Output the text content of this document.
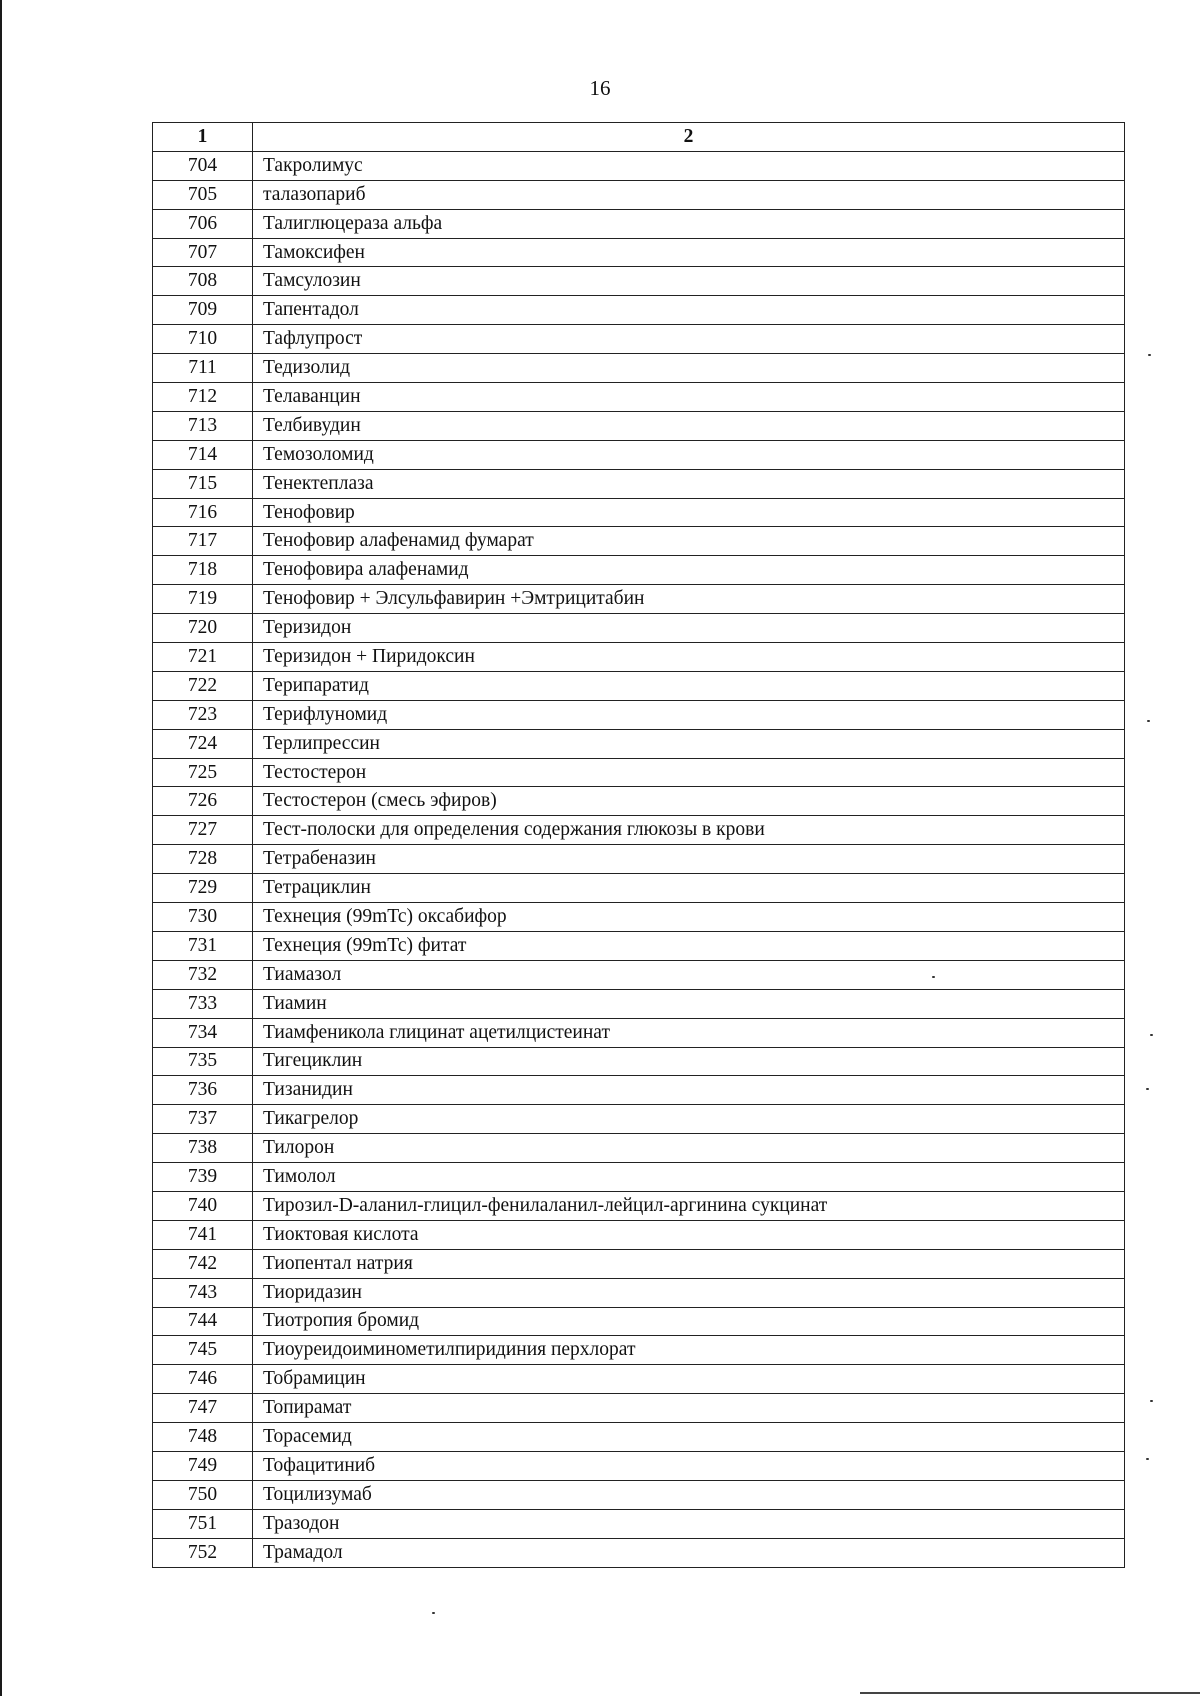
16
1	2
704	Такролимус
705	талазопариб
706	Талиглюцераза альфа
707	Тамоксифен
708	Тамсулозин
709	Тапентадол
710	Тафлупрост
711	Тедизолид
712	Телаванцин
713	Телбивудин
714	Темозоломид
715	Тенектеплаза
716	Тенофовир
717	Тенофовир алафенамид фумарат
718	Тенофовира алафенамид
719	Тенофовир + Элсульфавирин +Эмтрицитабин
720	Теризидон
721	Теризидон + Пиридоксин
722	Терипаратид
723	Терифлуномид
724	Терлипрессин
725	Тестостерон
726	Тестостерон (смесь эфиров)
727	Тест-полоски для определения содержания глюкозы в крови
728	Тетрабеназин
729	Тетрациклин
730	Технеция (99mTc) оксабифор
731	Технеция (99mTc) фитат
732	Тиамазол
733	Тиамин
734	Тиамфеникола глицинат ацетилцистеинат
735	Тигециклин
736	Тизанидин
737	Тикагрелор
738	Тилорон
739	Тимолол
740	Тирозил-D-аланил-глицил-фенилаланил-лейцил-аргинина сукцинат
741	Тиоктовая кислота
742	Тиопентал натрия
743	Тиоридазин
744	Тиотропия бромид
745	Тиоуреидоиминометилпиридиния перхлорат
746	Тобрамицин
747	Топирамат
748	Торасемид
749	Тофацитиниб
750	Тоцилизумаб
751	Тразодон
752	Трамадол
